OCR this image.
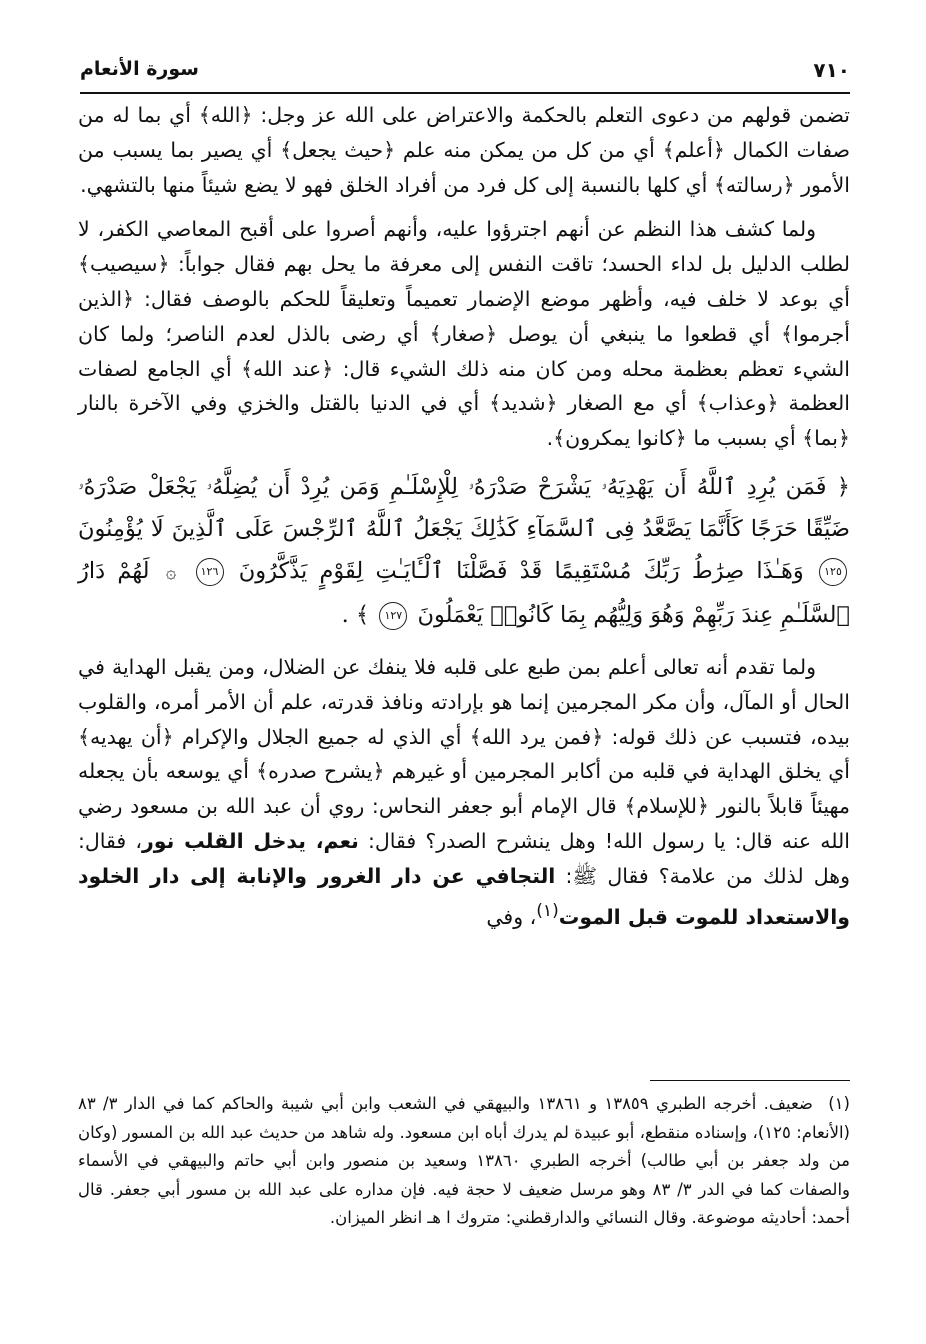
٧١٠
سورة الأنعام

تضمن قولهم من دعوى التعلم بالحكمة والاعتراض على الله عز وجل: ﴿الله﴾ أي بما له من صفات الكمال ﴿أعلم﴾ أي من كل من يمكن منه علم ﴿حيث يجعل﴾ أي يصير بما يسبب من الأمور ﴿رسالته﴾ أي كلها بالنسبة إلى كل فرد من أفراد الخلق فهو لا يضع شيئاً منها بالتشهي.

ولما كشف هذا النظم عن أنهم اجترؤوا عليه، وأنهم أصروا على أقبح المعاصي الكفر، لا لطلب الدليل بل لداء الحسد؛ تاقت النفس إلى معرفة ما يحل بهم فقال جواباً: ﴿سيصيب﴾ أي بوعد لا خلف فيه، وأظهر موضع الإضمار تعميماً وتعليقاً للحكم بالوصف فقال: ﴿الذين أجرموا﴾ أي قطعوا ما ينبغي أن يوصل ﴿صغار﴾ أي رضى بالذل لعدم الناصر؛ ولما كان الشيء تعظم بعظمة محله ومن كان منه ذلك الشيء قال: ﴿عند الله﴾ أي الجامع لصفات العظمة ﴿وعذاب﴾ أي مع الصغار ﴿شديد﴾ أي في الدنيا بالقتل والخزي وفي الآخرة بالنار ﴿بما﴾ أي بسبب ما ﴿كانوا يمكرون﴾.

﴿ فَمَن يُرِدِ ٱللَّهُ أَن يَهْدِيَهُۥ يَشْرَحْ صَدْرَهُۥ لِلْإِسْلَـٰمِ وَمَن يُرِدْ أَن يُضِلَّهُۥ يَجْعَلْ صَدْرَهُۥ ضَيِّقًا حَرَجًا كَأَنَّمَا يَصَّعَّدُ فِى ٱلسَّمَآءِ كَذَٰلِكَ يَجْعَلُ ٱللَّهُ ٱلرِّجْسَ عَلَى ٱلَّذِينَ لَا يُؤْمِنُونَ ١٢٥ وَهَـٰذَا صِرَٰطُ رَبِّكَ مُسْتَقِيمًا قَدْ فَصَّلْنَا ٱلْـَٔايَـٰتِ لِقَوْمٍ يَذَّكَّرُونَ ١٢٦ ۞ لَهُمْ دَارُ ٱلسَّلَـٰمِ عِندَ رَبِّهِمْ وَهُوَ وَلِيُّهُم بِمَا كَانُوا۟ يَعْمَلُونَ ١٢٧ ﴾ .

ولما تقدم أنه تعالى أعلم بمن طبع على قلبه فلا ينفك عن الضلال، ومن يقبل الهداية في الحال أو المآل، وأن مكر المجرمين إنما هو بإرادته ونافذ قدرته، علم أن الأمر أمره، والقلوب بيده، فتسبب عن ذلك قوله: ﴿فمن يرد الله﴾ أي الذي له جميع الجلال والإكرام ﴿أن يهديه﴾ أي يخلق الهداية في قلبه من أكابر المجرمين أو غيرهم ﴿يشرح صدره﴾ أي يوسعه بأن يجعله مهيئاً قابلاً بالنور ﴿للإسلام﴾ قال الإمام أبو جعفر النحاس: روي أن عبد الله بن مسعود رضي الله عنه قال: يا رسول الله! وهل ينشرح الصدر؟ فقال: نعم، يدخل القلب نور، فقال: وهل لذلك من علامة؟ فقال ﷺ: التجافي عن دار الغرور والإنابة إلى دار الخلود والاستعداد للموت قبل الموت$^{(١)}$، وفي

(١) ضعيف. أخرجه الطبري ١٣٨٥٩ و ١٣٨٦١ والبيهقي في الشعب وابن أبي شيبة والحاكم كما في الدار ٣/ ٨٣ (الأنعام: ١٢٥)، وإسناده منقطع، أبو عبيدة لم يدرك أباه ابن مسعود. وله شاهد من حديث عبد الله بن المسور (وكان من ولد جعفر بن أبي طالب) أخرجه الطبري ١٣٨٦٠ وسعيد بن منصور وابن أبي حاتم والبيهقي في الأسماء والصفات كما في الدر ٣/ ٨٣ وهو مرسل ضعيف لا حجة فيه. فإن مداره على عبد الله بن مسور أبي جعفر. قال أحمد: أحاديثه موضوعة. وقال النسائي والدارقطني: متروك ا هـ انظر الميزان.
